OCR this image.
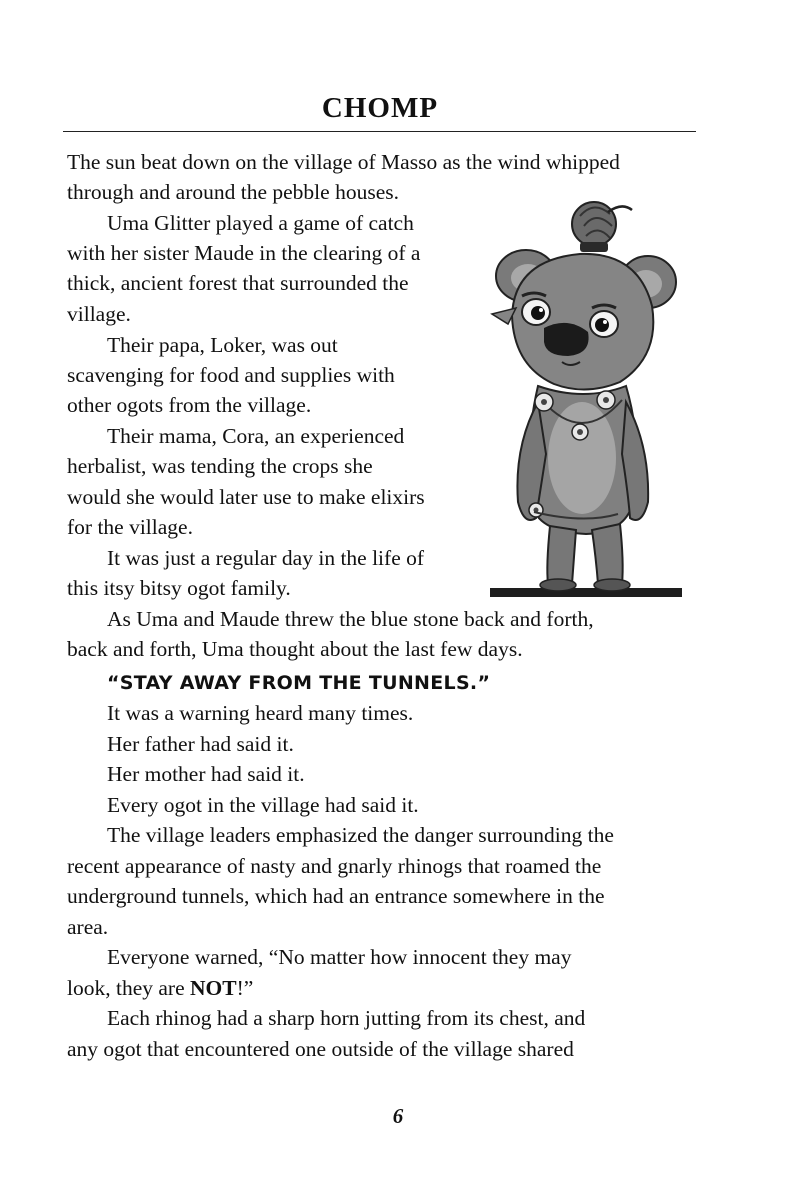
CHOMP
The sun beat down on the village of Masso as the wind whipped
through and around the pebble houses.
Uma Glitter played a game of catch
with her sister Maude in the clearing of a
thick, ancient forest that surrounded the
village.
Their papa, Loker, was out
scavenging for food and supplies with
other ogots from the village.
Their mama, Cora, an experienced
herbalist, was tending the crops she
would she would later use to make elixirs
for the village.
It was just a regular day in the life of
this itsy bitsy ogot family.
As Uma and Maude threw the blue stone back and forth,
back and forth, Uma thought about the last few days.
“STAY AWAY FROM THE TUNNELS.”
It was a warning heard many times.
Her father had said it.
Her mother had said it.
Every ogot in the village had said it.
The village leaders emphasized the danger surrounding the
recent appearance of nasty and gnarly rhinogs that roamed the
underground tunnels, which had an entrance somewhere in the
area.
Everyone warned, “No matter how innocent they may
look, they are NOT!”
Each rhinog had a sharp horn jutting from its chest, and
any ogot that encountered one outside of the village shared
6
